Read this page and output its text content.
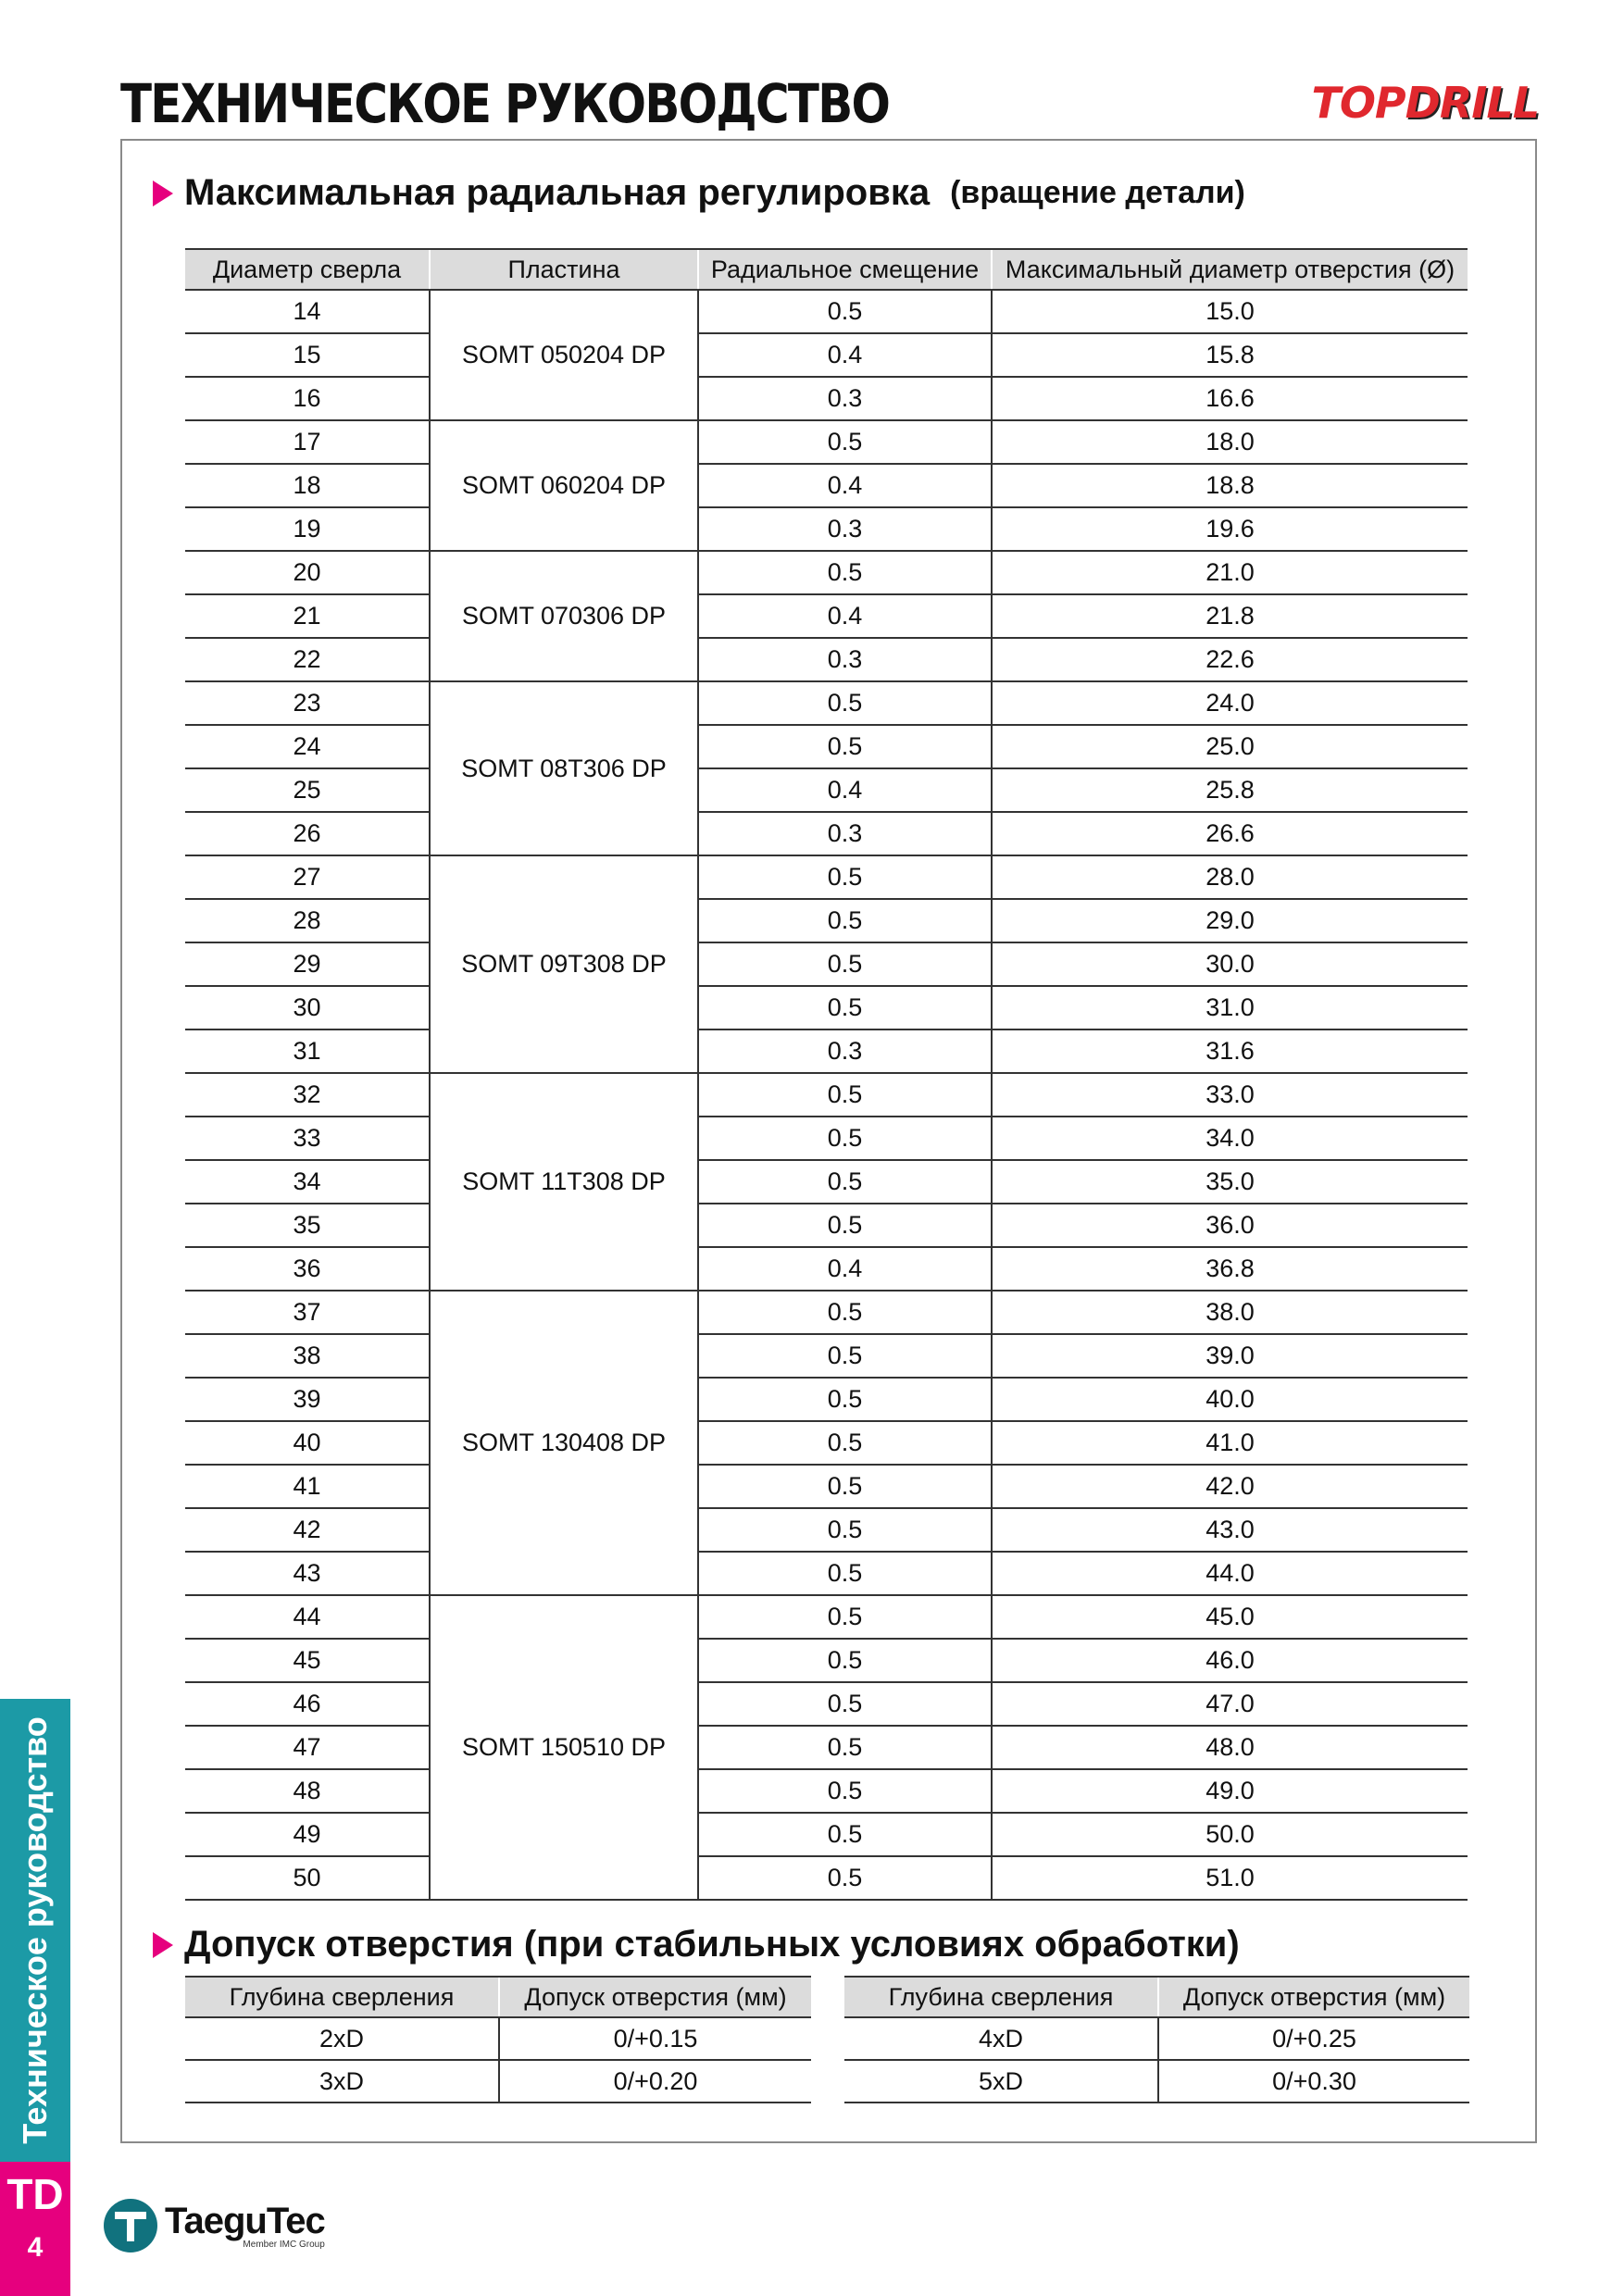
ТЕХНИЧЕСКОЕ РУКОВОДСТВО	TOPDRILL
Максимальная радиальная регулировка (вращение детали)
Диаметр сверла	Пластина	Радиальное смещение	Максимальный диаметр отверстия (Ø)
14	SOMT 050204 DP	0.5	15.0
15		0.4	15.8
16		0.3	16.6
17	SOMT 060204 DP	0.5	18.0
18		0.4	18.8
19		0.3	19.6
20	SOMT 070306 DP	0.5	21.0
21		0.4	21.8
22		0.3	22.6
23	SOMT 08T306 DP	0.5	24.0
24		0.5	25.0
25		0.4	25.8
26		0.3	26.6
27	SOMT 09T308 DP	0.5	28.0
28		0.5	29.0
29		0.5	30.0
30		0.5	31.0
31		0.3	31.6
32	SOMT 11T308 DP	0.5	33.0
33		0.5	34.0
34		0.5	35.0
35		0.5	36.0
36		0.4	36.8
37	SOMT 130408 DP	0.5	38.0
38		0.5	39.0
39		0.5	40.0
40		0.5	41.0
41		0.5	42.0
42		0.5	43.0
43		0.5	44.0
44	SOMT 150510 DP	0.5	45.0
45		0.5	46.0
46		0.5	47.0
47		0.5	48.0
48		0.5	49.0
49		0.5	50.0
50		0.5	51.0
Допуск отверстия (при стабильных условиях обработки)
Глубина сверления	Допуск отверстия (мм)
2xD	0/+0.15
3xD	0/+0.20
Глубина сверления	Допуск отверстия (мм)
4xD	0/+0.25
5xD	0/+0.30
Техническое руководство
TD
4
TaeguTec
Member IMC Group
